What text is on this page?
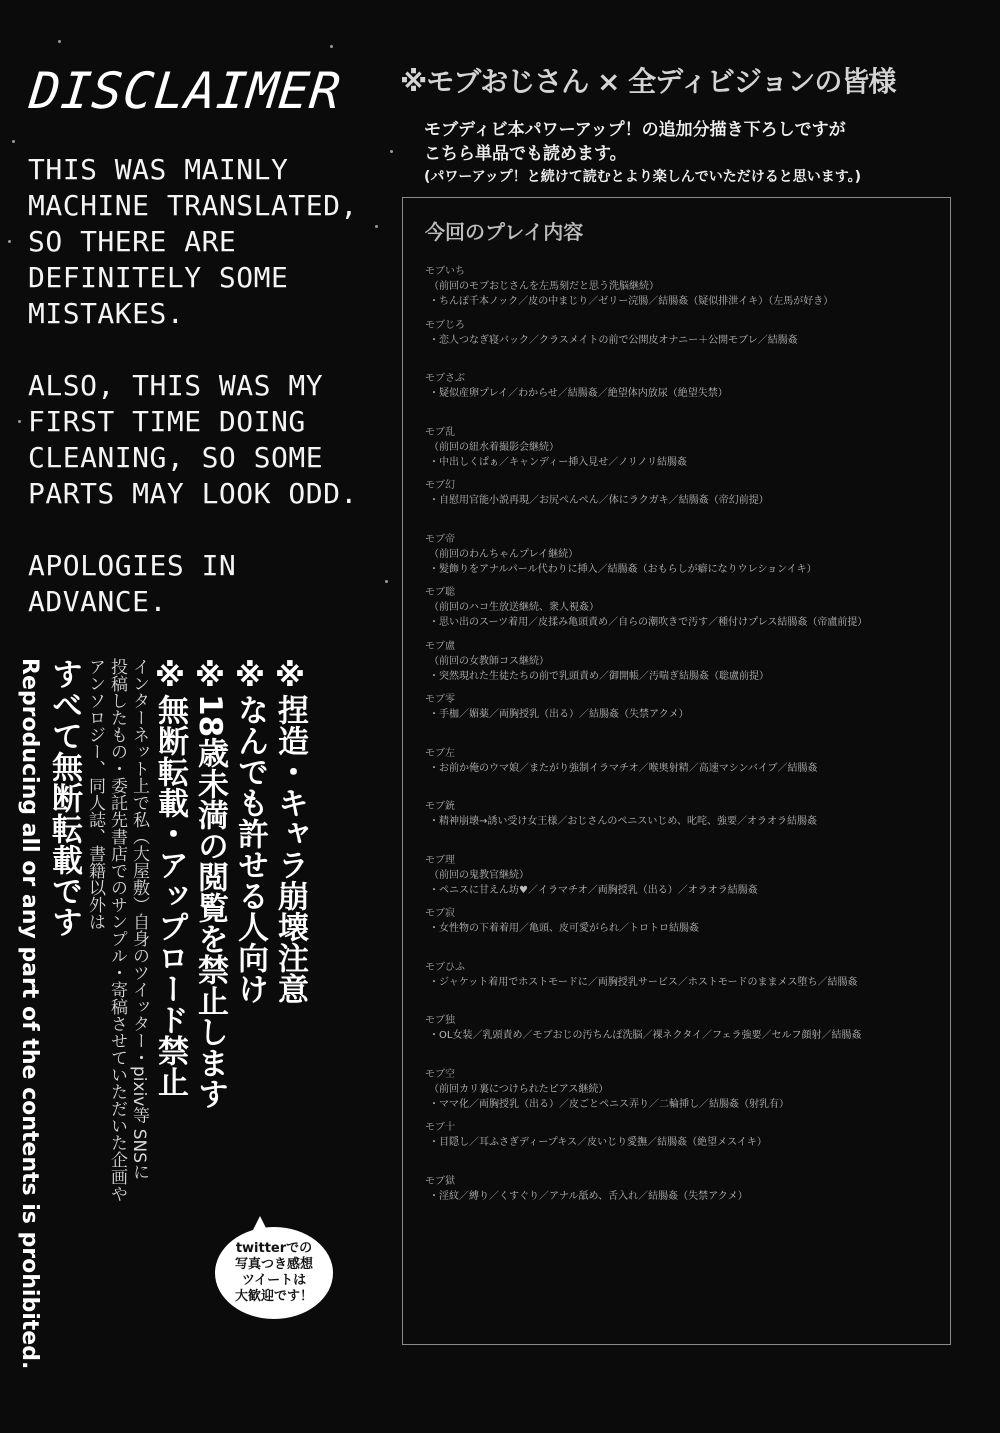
DISCLAIMER
THIS WAS MAINLY
MACHINE TRANSLATED,
SO THERE ARE
DEFINITELY SOME
MISTAKES.
ALSO, THIS WAS MY
FIRST TIME DOING
CLEANING, SO SOME
PARTS MAY LOOK ODD.
APOLOGIES IN
ADVANCE.
※捏造・キャラ崩壊注意
※なんでも許せる人向け
※18歳未満の閲覧を禁止します
※無断転載・アップロード禁止
インターネット上で私（大屋敷）自身のツイッター・pixiv等 SNSに
投稿したもの・委託先書店でのサンプル・寄稿させていただいた企画や
アンソロジー、同人誌、書籍以外は
すべて無断転載です
Reproducing all or any part of the contents is prohibited.	twitterでの
写真つき感想
ツイートは
大歓迎です！
※モブおじさん × 全ディビジョンの皆様
モブディビ本パワーアップ！の追加分描き下ろしですが
こちら単品でも読めます。
(パワーアップ！と続けて読むとより楽しんでいただけると思います。)
今回のプレイ内容
モブいち
（前回のモブおじさんを左馬刻だと思う洗脳継続）
・ちんぽ千本ノック／皮の中まじり／ゼリー浣腸／結腸姦（疑似排泄イキ）（左馬が好き）
モブじろ
・恋人つなぎ寝バック／クラスメイトの前で公開皮オナニー＋公開モブレ／結腸姦
モブさぶ
・疑似産卵プレイ／わからせ／結腸姦／絶望体内放尿（絶望失禁）
モブ乱
（前回の紐水着撮影会継続）
・中出しくぱぁ／キャンディー挿入見せ／ノリノリ結腸姦
モブ幻
・自慰用官能小説再現／お尻ぺんぺん／体にラクガキ／結腸姦（帝幻前提）
モブ帝
（前回のわんちゃんプレイ継続）
・髪飾りをアナルパール代わりに挿入／結腸姦（おもらしが癖になりウレションイキ）
モブ聡
（前回のハコ生放送継続、衆人視姦）
・思い出のスーツ着用／皮揉み亀頭責め／自らの潮吹きで汚す／種付けプレス結腸姦（帝盧前提）
モブ盧
（前回の女教師コス継続）
・突然現れた生徒たちの前で乳頭責め／御開帳／汚喘ぎ結腸姦（聡盧前提）
モブ零
・手枷／媚薬／両胸授乳（出る）／結腸姦（失禁アクメ）
モブ左
・お前か俺のウマ娘／またがり強制イラマチオ／喉奥射精／高速マシンバイブ／結腸姦
モブ銃
・精神崩壊→誘い受け女王様／おじさんのペニスいじめ、叱咤、強要／オラオラ結腸姦
モブ理
（前回の鬼教官継続）
・ペニスに甘えん坊♥／イラマチオ／両胸授乳（出る）／オラオラ結腸姦
モブ寂
・女性物の下着着用／亀頭、皮可愛がられ／トロトロ結腸姦
モブひふ
・ジャケット着用でホストモードに／両胸授乳サービス／ホストモードのままメス堕ち／結腸姦
モブ独
・OL女装／乳頭責め／モブおじの汚ちんぽ洗脳／裸ネクタイ／フェラ強要／セルフ顔射／結腸姦
モブ空
（前回カリ裏につけられたピアス継続）
・ママ化／両胸授乳（出る）／皮ごとペニス弄り／二輪挿し／結腸姦（射乳有）
モブ十
・目隠し／耳ふさぎディープキス／皮いじり愛撫／結腸姦（絶望メスイキ）
モブ獄
・淫紋／縛り／くすぐり／アナル舐め、舌入れ／結腸姦（失禁アクメ）
